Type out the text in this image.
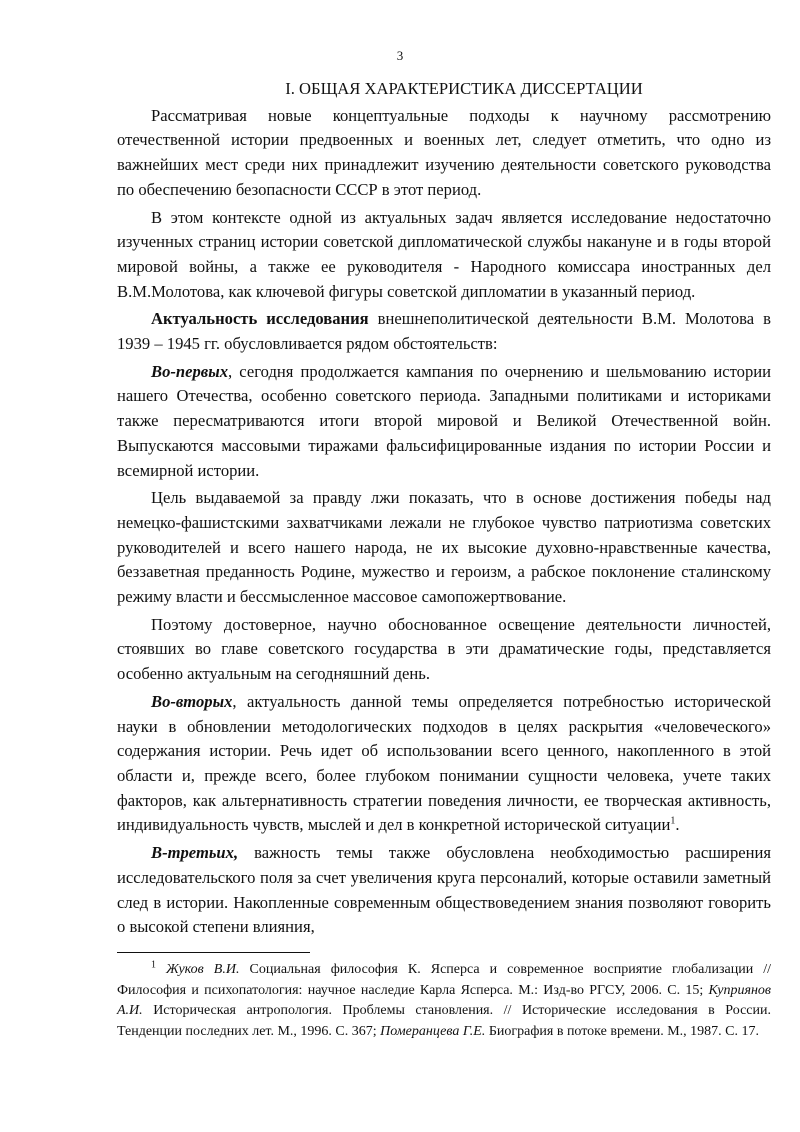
3
I. ОБЩАЯ ХАРАКТЕРИСТИКА ДИССЕРТАЦИИ

Рассматривая новые концептуальные подходы к научному рассмотрению отечественной истории предвоенных и военных лет, следует отметить, что одно из важнейших мест среди них принадлежит изучению деятельности советского руководства по обеспечению безопасности СССР в этот период.

В этом контексте одной из актуальных задач является исследование недостаточно изученных страниц истории советской дипломатической службы накануне и в годы второй мировой войны, а также ее руководителя - Народного комиссара иностранных дел В.М.Молотова, как ключевой фигуры советской дипломатии в указанный период.

Актуальность исследования внешнеполитической деятельности В.М. Молотова в 1939 – 1945 гг. обусловливается рядом обстоятельств:

Во-первых, сегодня продолжается кампания по очернению и шельмованию истории нашего Отечества, особенно советского периода. Западными политиками и историками также пересматриваются итоги второй мировой и Великой Отечественной войн. Выпускаются массовыми тиражами фальсифицированные издания по истории России и всемирной истории.

Цель выдаваемой за правду лжи показать, что в основе достижения победы над немецко-фашистскими захватчиками лежали не глубокое чувство патриотизма советских руководителей и всего нашего народа, не их высокие духовно-нравственные качества, беззаветная преданность Родине, мужество и героизм, а рабское поклонение сталинскому режиму власти и бессмысленное массовое самопожертвование.

Поэтому достоверное, научно обоснованное освещение деятельности личностей, стоявших во главе советского государства в эти драматические годы, представляется особенно актуальным на сегодняшний день.

Во-вторых, актуальность данной темы определяется потребностью исторической науки в обновлении методологических подходов в целях раскрытия «человеческого» содержания истории. Речь идет об использовании всего ценного, накопленного в этой области и, прежде всего, более глубоком понимании сущности человека, учете таких факторов, как альтернативность стратегии поведения личности, ее творческая активность, индивидуальность чувств, мыслей и дел в конкретной исторической ситуации$^1$.

В-третьих, важность темы также обусловлена необходимостью расширения исследовательского поля за счет увеличения круга персоналий, которые оставили заметный след в истории. Накопленные современным обществоведением знания позволяют говорить о высокой степени влияния,

$^1$ Жуков В.И. Социальная философия К. Ясперса и современное восприятие глобализации // Философия и психопатология: научное наследие Карла Ясперса. М.: Изд-во РГСУ, 2006. С. 15; Куприянов А.И. Историческая антропология. Проблемы становления. // Исторические исследования в России. Тенденции последних лет. М., 1996. С. 367; Померанцева Г.Е. Биография в потоке времени. М., 1987. С. 17.
